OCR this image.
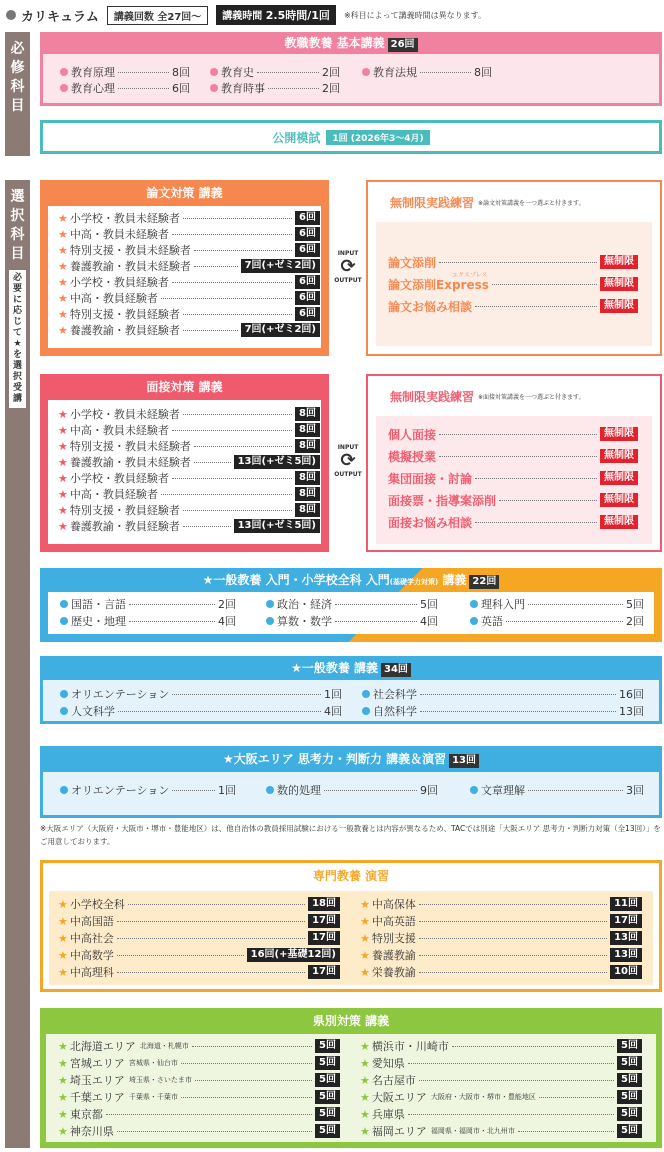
カリキュラム	講義回数 全27回〜	講義時間 2.5時間/1回	※科目によって講義時間は異なります。
必修科目
選択科目
必要に応じて★を選択受講
教職教養 基本講義 26回
公開模試	1回 (2026年3〜4月)
論文対策 講義
INPUT
⟳
OUTPUT
INPUT
⟳
OUTPUT
無制限実践練習 ※論文対策講義を一つ選ぶと付きます。
エクスプレス
面接対策 講義
無制限実践練習 ※面接対策講義を一つ選ぶと付きます。
★一般教養 入門・小学校全科 入門(基礎学力対策) 講義 22回
★一般教養 講義 34回
★大阪エリア 思考力・判断力 講義＆演習 13回
※大阪エリア（大阪府・大阪市・堺市・豊能地区）は、他自治体の教員採用試験における一般教養とは内容が異なるため、TACでは別途「大阪エリア 思考力・判断力対策（全13回）」をご用意しております。
専門教養 演習
県別対策 講義
教育原理	8回	教育史	2回	教育法規	8回
教育心理	6回	教育時事	2回
★ 小学校・教員未経験者	6回
★ 中高・教員未経験者	6回
★ 特別支援・教員未経験者	6回
★ 養護教諭・教員未経験者	7回(+ゼミ2回)
★ 小学校・教員経験者	6回
★ 中高・教員経験者	6回
★ 特別支援・教員経験者	6回
★ 養護教諭・教員経験者	7回(+ゼミ2回)
論文添削	無制限
論文添削Express	無制限
論文お悩み相談	無制限
★ 小学校・教員未経験者	8回
★ 中高・教員未経験者	8回
★ 特別支援・教員未経験者	8回
★ 養護教諭・教員未経験者	13回(+ゼミ5回)
★ 小学校・教員経験者	8回
★ 中高・教員経験者	8回
★ 特別支援・教員経験者	8回
★ 養護教諭・教員経験者	13回(+ゼミ5回)
個人面接	無制限
模擬授業	無制限
集団面接・討論	無制限
面接票・指導案添削	無制限
面接お悩み相談	無制限
国語・言語	2回	政治・経済	5回	理科入門	5回
歴史・地理	4回	算数・数学	4回	英語	2回
オリエンテーション	1回	社会科学	16回
人文科学	4回	自然科学	13回
オリエンテーション	1回	数的処理	9回	文章理解	3回
★ 小学校全科	18回
★ 中高国語	17回
★ 中高社会	17回
★ 中高数学	16回(+基礎12回)
★ 中高理科	17回
★ 中高保体	11回
★ 中高英語	17回
★ 特別支援	13回
★ 養護教諭	13回
★ 栄養教諭	10回
★ 北海道エリア 北海道・札幌市	5回
★ 宮城エリア 宮城県・仙台市	5回
★ 埼玉エリア 埼玉県・さいたま市	5回
★ 千葉エリア 千葉県・千葉市	5回
★ 東京都	5回
★ 神奈川県	5回
★ 横浜市・川崎市	5回
★ 愛知県	5回
★ 名古屋市	5回
★ 大阪エリア 大阪府・大阪市・堺市・豊能地区	5回
★ 兵庫県	5回
★ 福岡エリア 福岡県・福岡市・北九州市	5回
